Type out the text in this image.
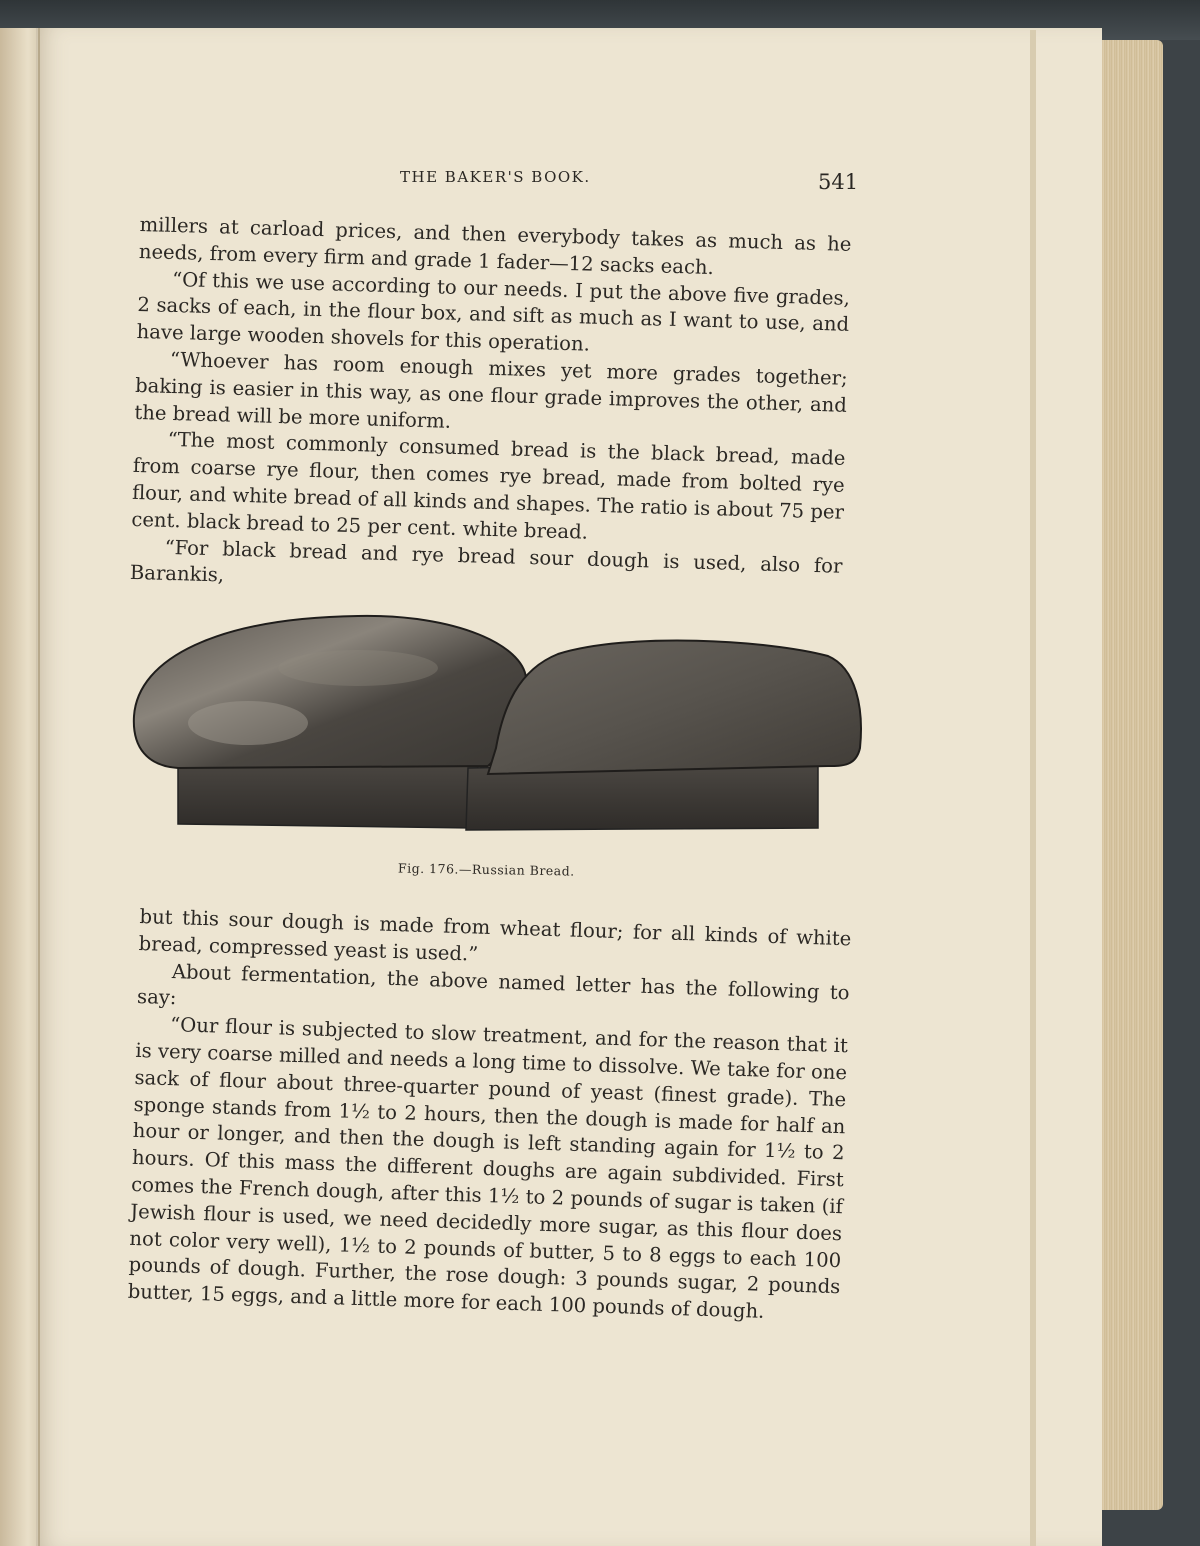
THE BAKER'S BOOK.	541

millers at carload prices, and then everybody takes as much as he needs, from every firm and grade 1 fader—12 sacks each.

“Of this we use according to our needs. I put the above five grades, 2 sacks of each, in the flour box, and sift as much as I want to use, and have large wooden shovels for this operation.

“Whoever has room enough mixes yet more grades together; baking is easier in this way, as one flour grade improves the other, and the bread will be more uniform.

“The most commonly consumed bread is the black bread, made from coarse rye flour, then comes rye bread, made from bolted rye flour, and white bread of all kinds and shapes. The ratio is about 75 per cent. black bread to 25 per cent. white bread.

“For black bread and rye bread sour dough is used, also for Barankis,

Fig. 176.—Russian Bread.

but this sour dough is made from wheat flour; for all kinds of white bread, compressed yeast is used.”

About fermentation, the above named letter has the following to say:

“Our flour is subjected to slow treatment, and for the reason that it is very coarse milled and needs a long time to dissolve. We take for one sack of flour about three-quarter pound of yeast (finest grade). The sponge stands from 1½ to 2 hours, then the dough is made for half an hour or longer, and then the dough is left standing again for 1½ to 2 hours. Of this mass the different doughs are again subdivided. First comes the French dough, after this 1½ to 2 pounds of sugar is taken (if Jewish flour is used, we need decidedly more sugar, as this flour does not color very well), 1½ to 2 pounds of butter, 5 to 8 eggs to each 100 pounds of dough. Further, the rose dough: 3 pounds sugar, 2 pounds butter, 15 eggs, and a little more for each 100 pounds of dough.
